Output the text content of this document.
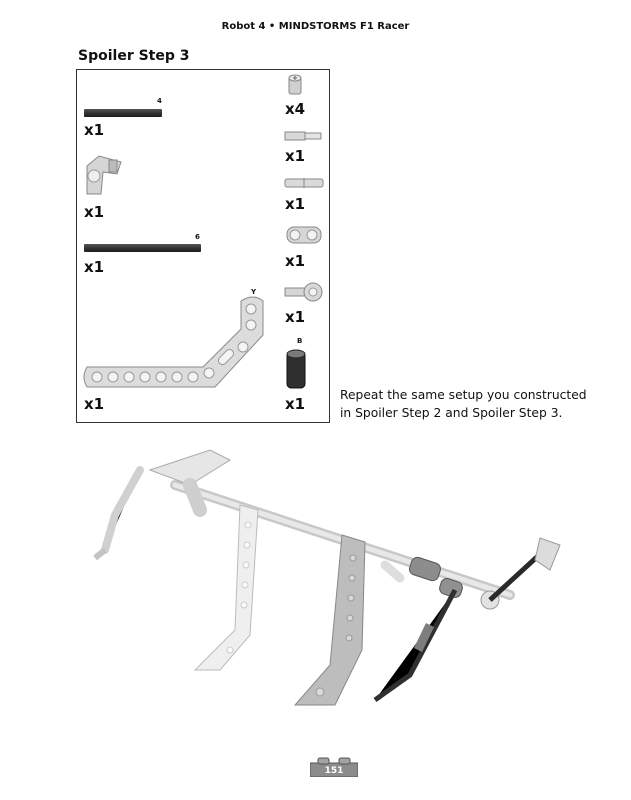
Robot 4 • MINDSTORMS F1 Racer
Spoiler Step 3
4
x1
x1
6
x1
Y
x1
x4
x1
x1
x1
x1
B
x1	Repeat the same setup you constructed in Spoiler Step 2 and Spoiler Step 3.
151
